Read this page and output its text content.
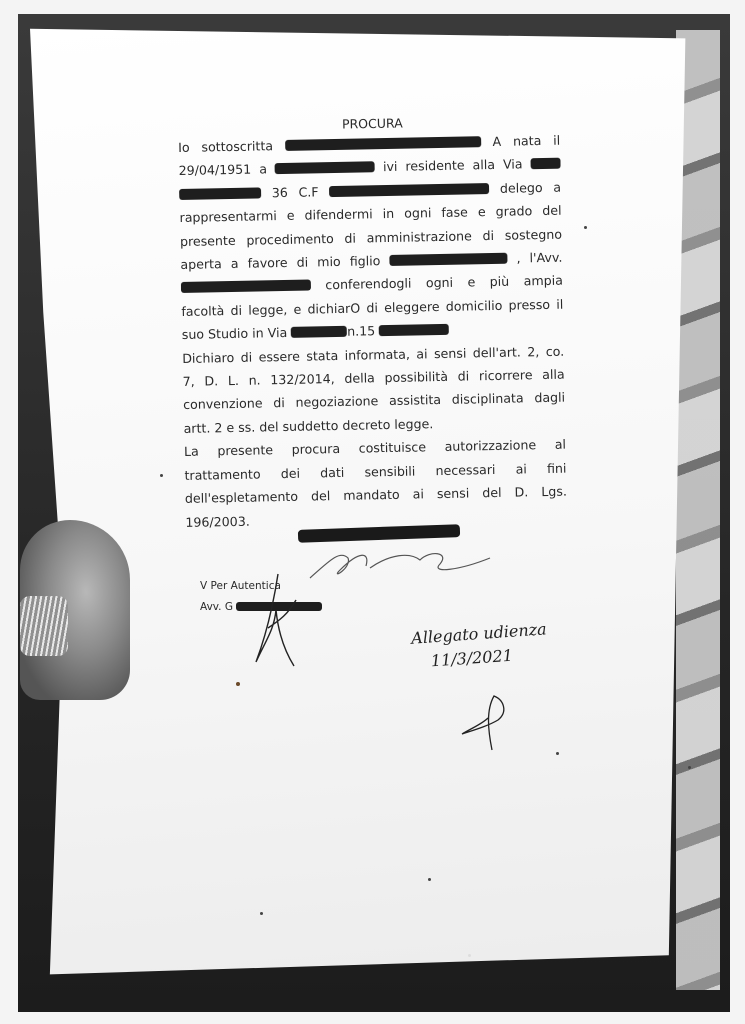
PROCURA
Io sottoscritta	A nata il
29/04/1951 a	ivi residente alla Via
36 C.F	delego a
rappresentarmi e difendermi in ogni fase e grado del
presente procedimento di amministrazione di sostegno
aperta a favore di mio figlio	, l'Avv.
conferendogli ogni e più ampia
facoltà di legge, e dichiarO di eleggere domicilio presso il
suo Studio in Via	n.15
Dichiaro di essere stata informata, ai sensi dell'art. 2, co.
7, D. L. n. 132/2014, della possibilità di ricorrere alla
convenzione di negoziazione assistita disciplinata dagli
artt. 2 e ss. del suddetto decreto legge.
La presente procura costituisce autorizzazione al
trattamento dei dati sensibili necessari ai fini
dell'espletamento del mandato ai sensi del D. Lgs.
196/2003.
V Per Autentica
Avv. G
Allegato udienza
11/3/2021
